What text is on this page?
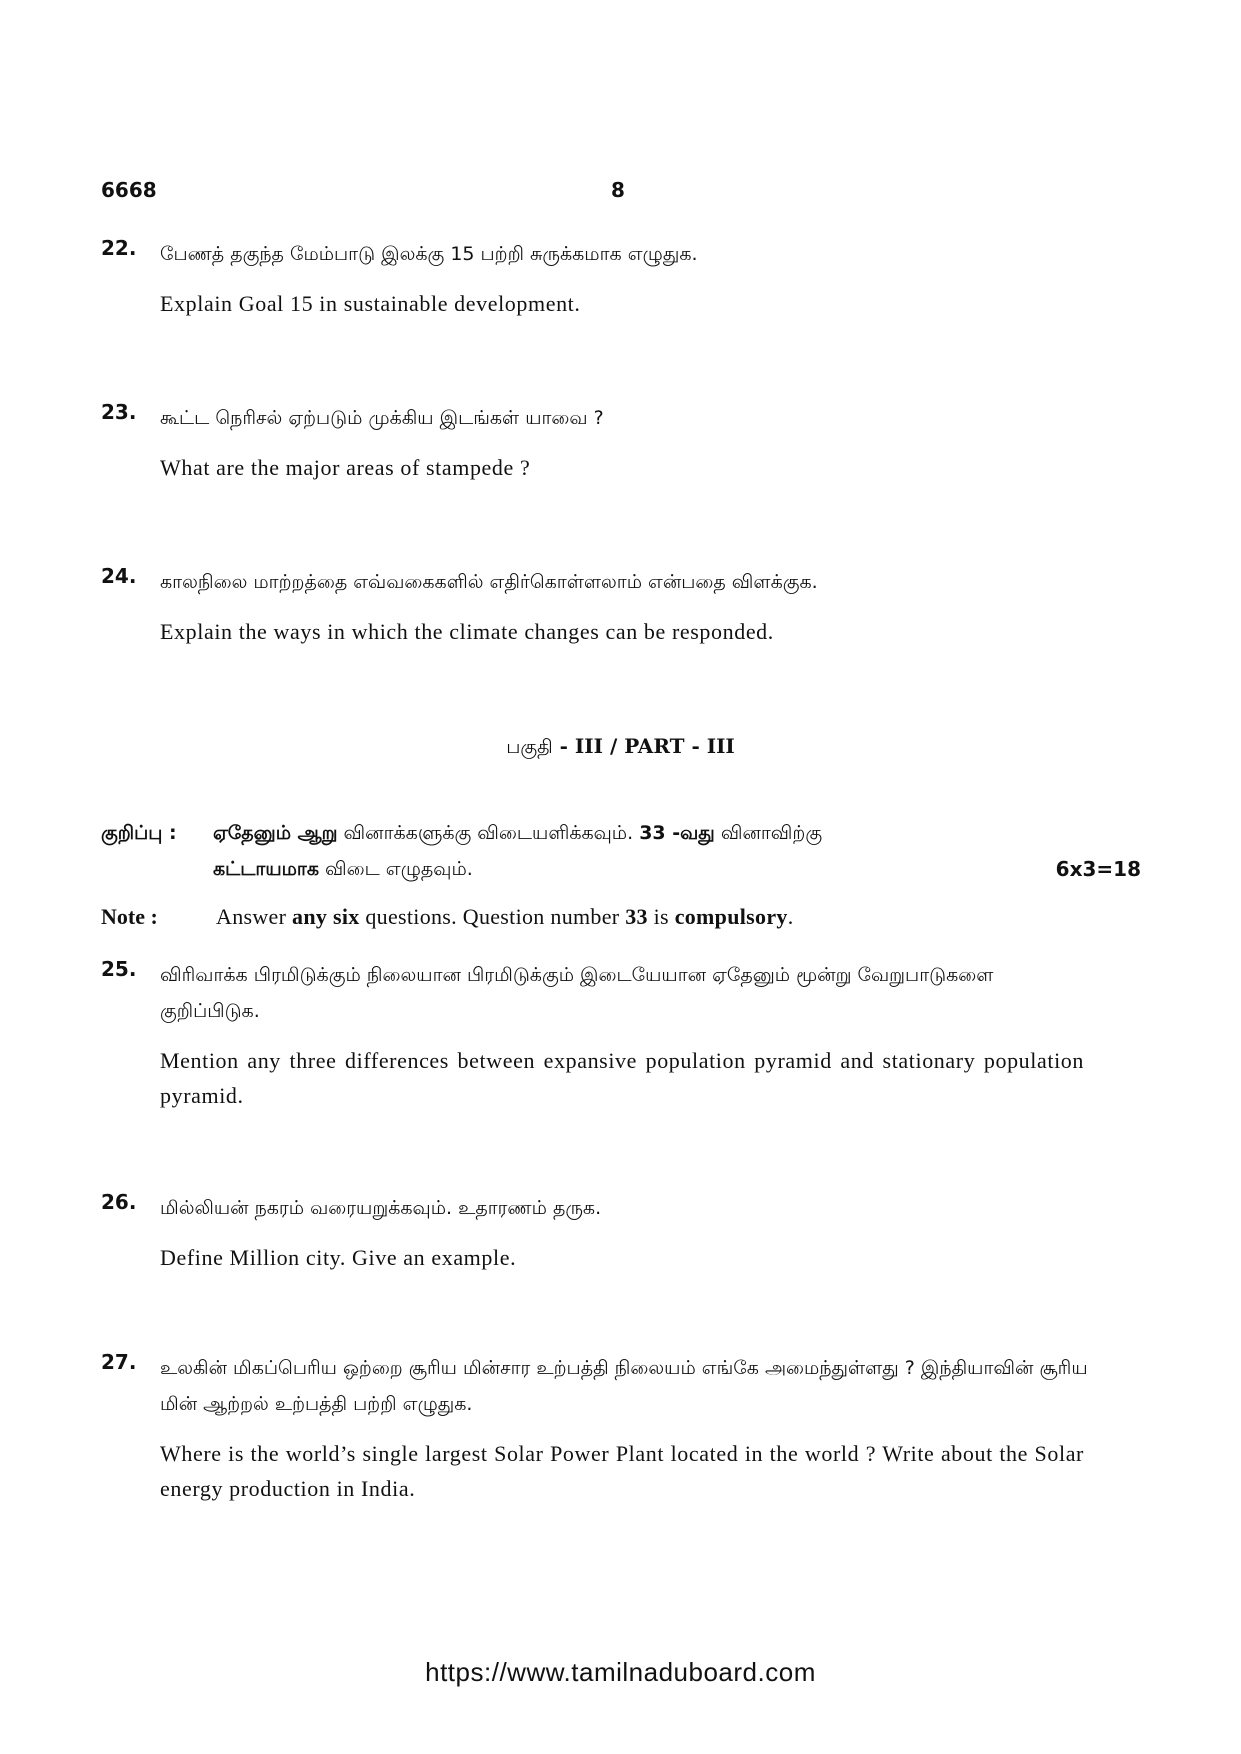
6668	8
22. பேணத் தகுந்த மேம்பாடு இலக்கு 15 பற்றி சுருக்கமாக எழுதுக.
Explain Goal 15 in sustainable development.
23. கூட்ட நெரிசல் ஏற்படும் முக்கிய இடங்கள் யாவை ?
What are the major areas of stampede ?
24. காலநிலை மாற்றத்தை எவ்வகைகளில் எதிர்கொள்ளலாம் என்பதை விளக்குக.
Explain the ways in which the climate changes can be responded.
பகுதி - III / PART - III
குறிப்பு : ஏதேனும் ஆறு வினாக்களுக்கு விடையளிக்கவும். 33 -வது வினாவிற்கு
கட்டாயமாக விடை எழுதவும்.	6x3=18
Note :	Answer any six questions. Question number 33 is compulsory.
25. விரிவாக்க பிரமிடுக்கும் நிலையான பிரமிடுக்கும் இடையேயான ஏதேனும் மூன்று வேறுபாடுகளை குறிப்பிடுக.
Mention any three differences between expansive population pyramid and stationary population pyramid.
26. மில்லியன் நகரம் வரையறுக்கவும். உதாரணம் தருக.
Define Million city. Give an example.
27. உலகின் மிகப்பெரிய ஒற்றை சூரிய மின்சார உற்பத்தி நிலையம் எங்கே அமைந்துள்ளது ? இந்தியாவின் சூரிய மின் ஆற்றல் உற்பத்தி பற்றி எழுதுக.
Where is the world’s single largest Solar Power Plant located in the world ? Write about the Solar energy production in India.
https://www.tamilnaduboard.com
